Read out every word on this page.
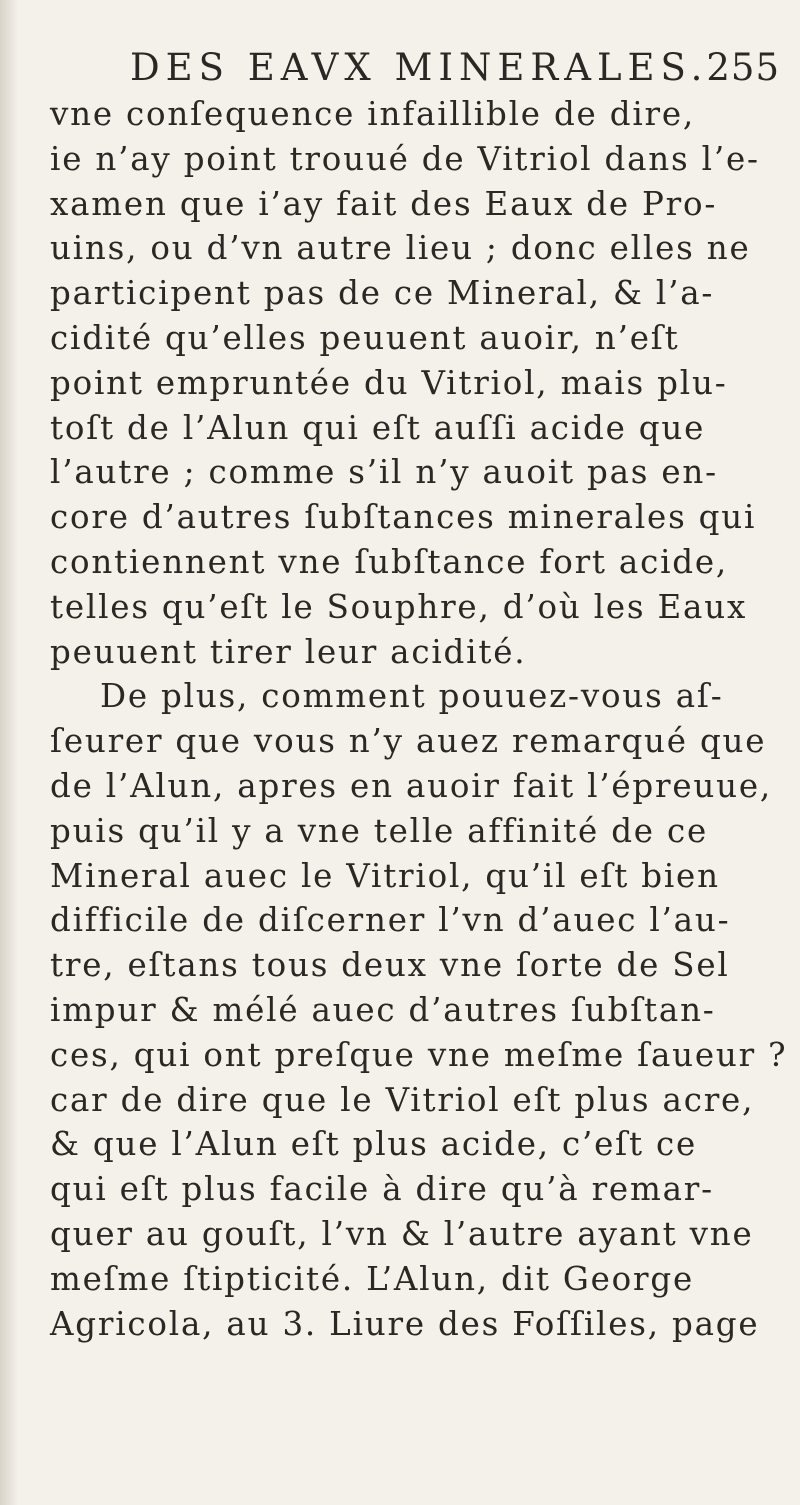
DES EAVX MINERALES.
255
vne conſequence infaillible de dire,
ie n’ay point trouué de Vitriol dans l’e-
xamen que i’ay fait des Eaux de Pro-
uins, ou d’vn autre lieu ; donc elles ne
participent pas de ce Mineral, & l’a-
cidité qu’elles peuuent auoir, n’eſt
point empruntée du Vitriol, mais plu-
toſt de l’Alun qui eſt auſſi acide que
l’autre ; comme s’il n’y auoit pas en-
core d’autres ſubſtances minerales qui
contiennent vne ſubſtance fort acide,
telles qu’eſt le Souphre, d’où les Eaux
peuuent tirer leur acidité.
De plus, comment pouuez-vous aſ-
ſeurer que vous n’y auez remarqué que
de l’Alun, apres en auoir fait l’épreuue,
puis qu’il y a vne telle affinité de ce
Mineral auec le Vitriol, qu’il eſt bien
difficile de diſcerner l’vn d’auec l’au-
tre, eſtans tous deux vne ſorte de Sel
impur & mélé auec d’autres ſubſtan-
ces, qui ont preſque vne meſme ſaueur ?
car de dire que le Vitriol eſt plus acre,
& que l’Alun eſt plus acide, c’eſt ce
qui eſt plus facile à dire qu’à remar-
quer au gouſt, l’vn & l’autre ayant vne
meſme ſtipticité. L’Alun, dit George
Agricola, au 3. Liure des Foſſiles, page
